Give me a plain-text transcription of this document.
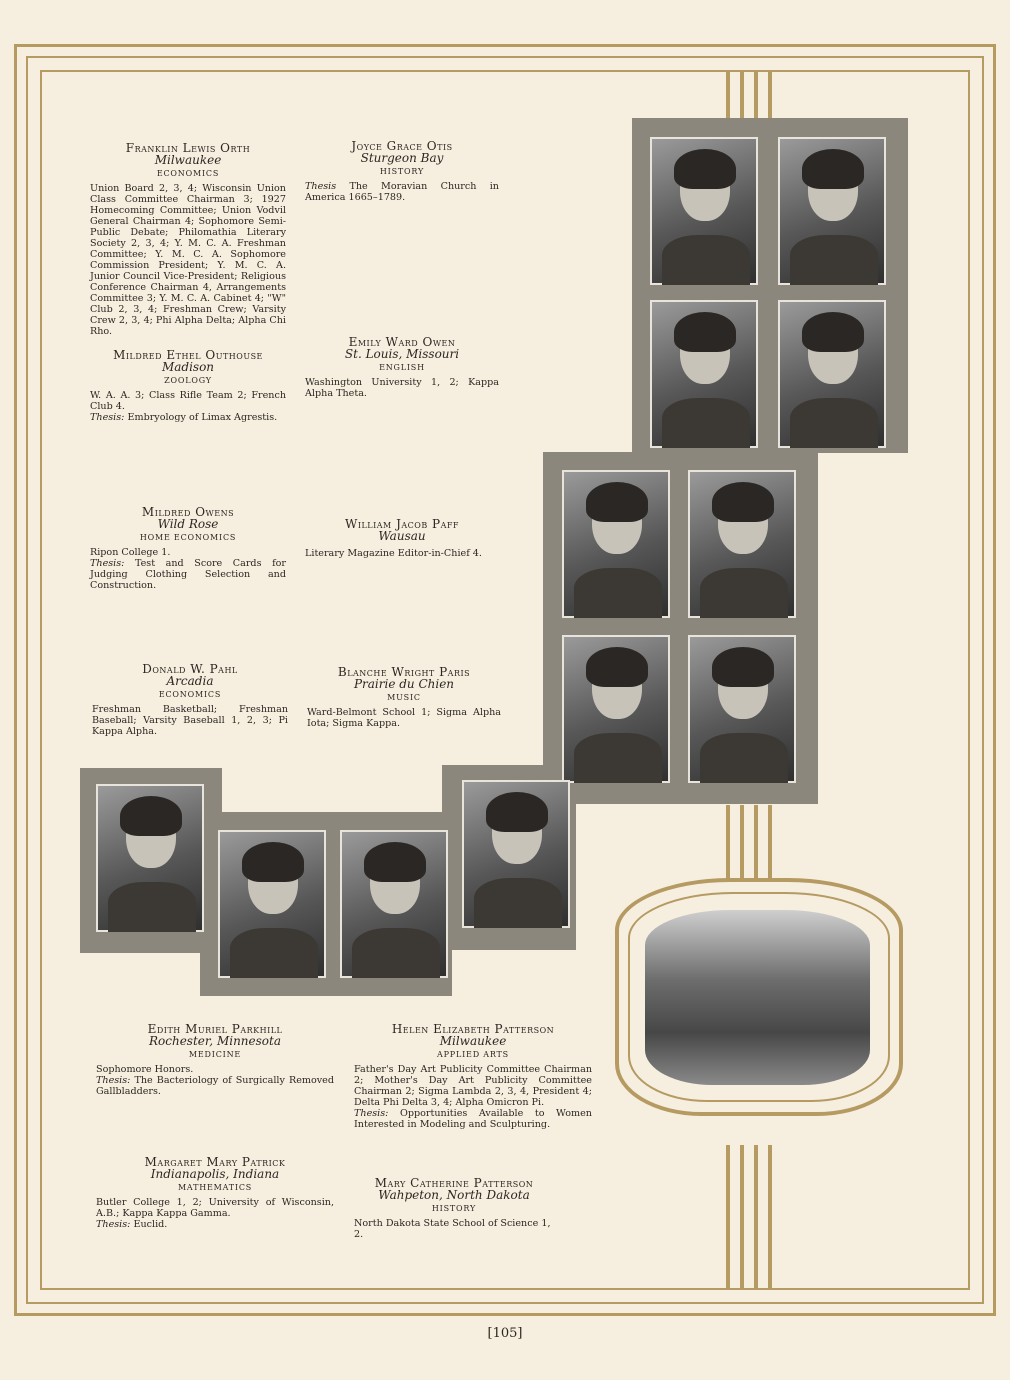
Franklin Lewis Orth
Milwaukee
ECONOMICS
Union Board 2, 3, 4; Wisconsin Union Class Committee Chairman 3; 1927 Homecoming Committee; Union Vodvil General Chairman 4; Sophomore Semi-Public Debate; Philomathia Literary Society 2, 3, 4; Y. M. C. A. Freshman Committee; Y. M. C. A. Sophomore Commission President; Y. M. C. A. Junior Council Vice-President; Religious Conference Chairman 4, Arrangements Committee 3; Y. M. C. A. Cabinet 4; "W" Club 2, 3, 4; Freshman Crew; Varsity Crew 2, 3, 4; Phi Alpha Delta; Alpha Chi Rho.
Joyce Grace Otis
Sturgeon Bay
HISTORY
Thesis The Moravian Church in America 1665–1789.
Mildred Ethel Outhouse
Madison
ZOOLOGY
W. A. A. 3; Class Rifle Team 2; French Club 4.
Thesis: Embryology of Limax Agrestis.
Emily Ward Owen
St. Louis, Missouri
ENGLISH
Washington University 1, 2; Kappa Alpha Theta.
Mildred Owens
Wild Rose
HOME ECONOMICS
Ripon College 1.
Thesis: Test and Score Cards for Judging Clothing Selection and Construction.
William Jacob Paff
Wausau
Literary Magazine Editor-in-Chief 4.
Donald W. Pahl
Arcadia
ECONOMICS
Freshman Basketball; Freshman Baseball; Varsity Baseball 1, 2, 3; Pi Kappa Alpha.
Blanche Wright Paris
Prairie du Chien
MUSIC
Ward-Belmont School 1; Sigma Alpha Iota; Sigma Kappa.
Edith Muriel Parkhill
Rochester, Minnesota
MEDICINE
Sophomore Honors.
Thesis: The Bacteriology of Surgically Removed Gallbladders.
Helen Elizabeth Patterson
Milwaukee
APPLIED ARTS
Father's Day Art Publicity Committee Chairman 2; Mother's Day Art Publicity Committee Chairman 2; Sigma Lambda 2, 3, 4, President 4; Delta Phi Delta 3, 4; Alpha Omicron Pi.
Thesis: Opportunities Available to Women Interested in Modeling and Sculpturing.
Margaret Mary Patrick
Indianapolis, Indiana
MATHEMATICS
Butler College 1, 2; University of Wisconsin, A.B.; Kappa Kappa Gamma.
Thesis: Euclid.
Mary Catherine Patterson
Wahpeton, North Dakota
HISTORY
North Dakota State School of Science 1, 2.
[105]
